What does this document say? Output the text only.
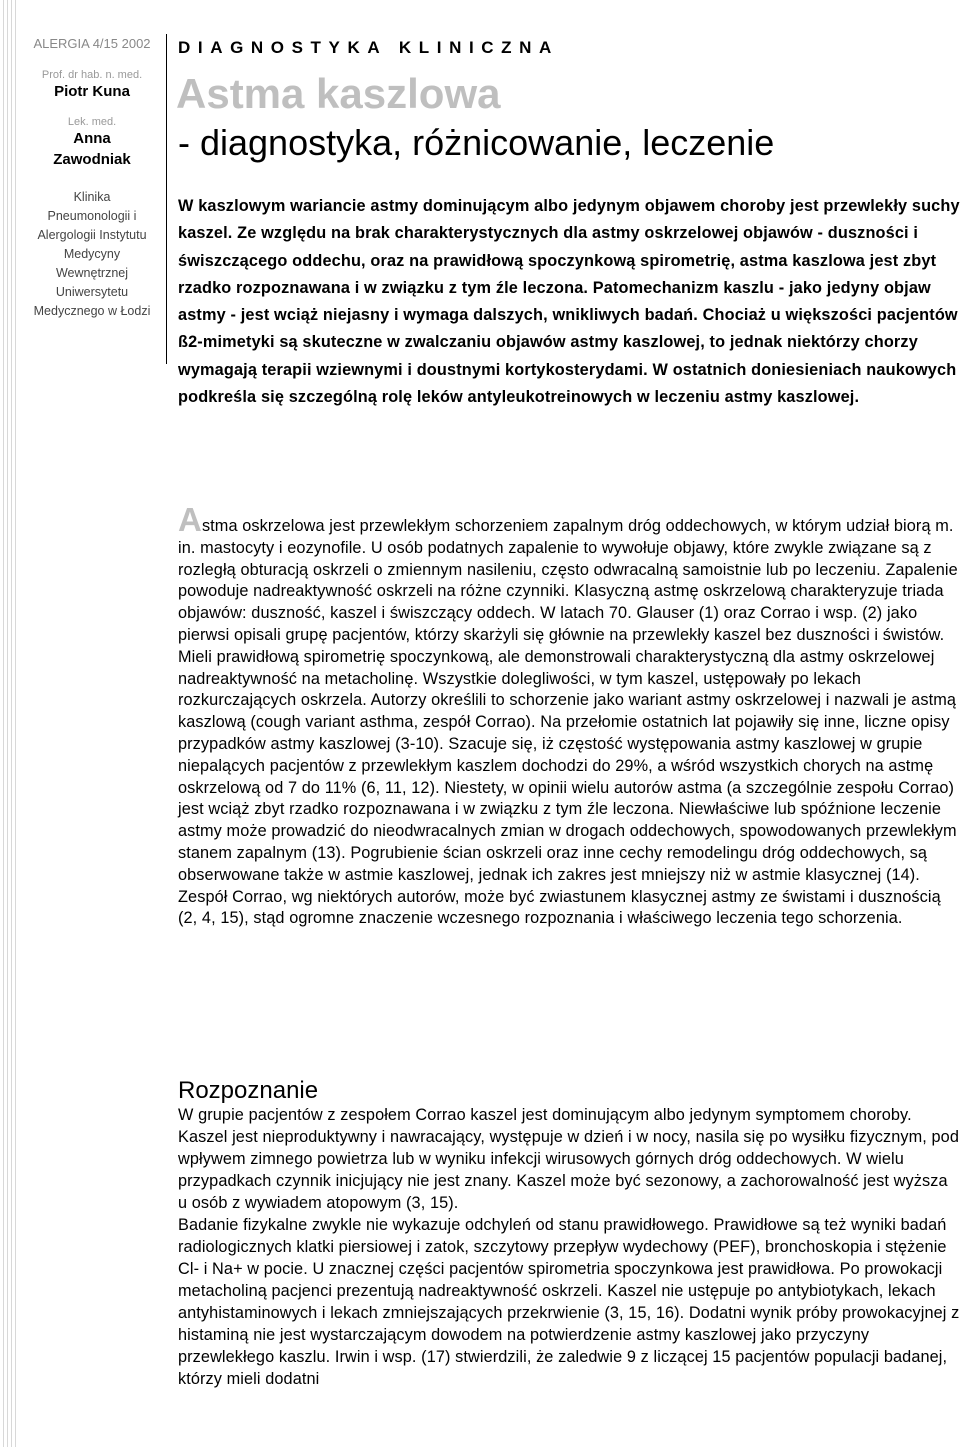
ALERGIA 4/15 2002
Prof. dr hab. n. med.
Piotr Kuna
Lek. med.
Anna Zawodniak
Klinika Pneumonologii i Alergologii Instytutu Medycyny Wewnętrznej Uniwersytetu Medycznego w Łodzi
DIAGNOSTYKA KLINICZNA
Astma kaszlowa
- diagnostyka, różnicowanie, leczenie

W kaszlowym wariancie astmy dominującym albo jedynym objawem choroby jest przewlekły suchy kaszel. Ze względu na brak charakterystycznych dla astmy oskrzelowej objawów - duszności i świszczącego oddechu, oraz na prawidłową spoczynkową spirometrię, astma kaszlowa jest zbyt rzadko rozpoznawana i w związku z tym źle leczona. Patomechanizm kaszlu - jako jedyny objaw astmy - jest wciąż niejasny i wymaga dalszych, wnikliwych badań. Chociaż u większości pacjentów ß2-mimetyki są skuteczne w zwalczaniu objawów astmy kaszlowej, to jednak niektórzy chorzy wymagają terapii wziewnymi i doustnymi kortykosterydami. W ostatnich doniesieniach naukowych podkreśla się szczególną rolę leków antyleukotreinowych w leczeniu astmy kaszlowej.

Astma oskrzelowa jest przewlekłym schorzeniem zapalnym dróg oddechowych, w którym udział biorą m. in. mastocyty i eozynofile. U osób podatnych zapalenie to wywołuje objawy, które zwykle związane są z rozległą obturacją oskrzeli o zmiennym nasileniu, często odwracalną samoistnie lub po leczeniu. Zapalenie powoduje nadreaktywność oskrzeli na różne czynniki. Klasyczną astmę oskrzelową charakteryzuje triada objawów: duszność, kaszel i świszczący oddech. W latach 70. Glauser (1) oraz Corrao i wsp. (2) jako pierwsi opisali grupę pacjentów, którzy skarżyli się głównie na przewlekły kaszel bez duszności i świstów. Mieli prawidłową spirometrię spoczynkową, ale demonstrowali charakterystyczną dla astmy oskrzelowej nadreaktywność na metacholinę. Wszystkie dolegliwości, w tym kaszel, ustępowały po lekach rozkurczających oskrzela. Autorzy określili to schorzenie jako wariant astmy oskrzelowej i nazwali je astmą kaszlową (cough variant asthma, zespół Corrao). Na przełomie ostatnich lat pojawiły się inne, liczne opisy przypadków astmy kaszlowej (3-10). Szacuje się, iż częstość występowania astmy kaszlowej w grupie niepalących pacjentów z przewlekłym kaszlem dochodzi do 29%, a wśród wszystkich chorych na astmę oskrzelową od 7 do 11% (6, 11, 12). Niestety, w opinii wielu autorów astma (a szczególnie zespołu Corrao) jest wciąż zbyt rzadko rozpoznawana i w związku z tym źle leczona. Niewłaściwe lub spóźnione leczenie astmy może prowadzić do nieodwracalnych zmian w drogach oddechowych, spowodowanych przewlekłym stanem zapalnym (13). Pogrubienie ścian oskrzeli oraz inne cechy remodelingu dróg oddechowych, są obserwowane także w astmie kaszlowej, jednak ich zakres jest mniejszy niż w astmie klasycznej (14). Zespół Corrao, wg niektórych autorów, może być zwiastunem klasycznej astmy ze świstami i dusznością (2, 4, 15), stąd ogromne znaczenie wczesnego rozpoznania i właściwego leczenia tego schorzenia.

Rozpoznanie
W grupie pacjentów z zespołem Corrao kaszel jest dominującym albo jedynym symptomem choroby. Kaszel jest nieproduktywny i nawracający, występuje w dzień i w nocy, nasila się po wysiłku fizycznym, pod wpływem zimnego powietrza lub w wyniku infekcji wirusowych górnych dróg oddechowych. W wielu przypadkach czynnik inicjujący nie jest znany. Kaszel może być sezonowy, a zachorowalność jest wyższa u osób z wywiadem atopowym (3, 15).
Badanie fizykalne zwykle nie wykazuje odchyleń od stanu prawidłowego. Prawidłowe są też wyniki badań radiologicznych klatki piersiowej i zatok, szczytowy przepływ wydechowy (PEF), bronchoskopia i stężenie Cl- i Na+ w pocie. U znacznej części pacjentów spirometria spoczynkowa jest prawidłowa. Po prowokacji metacholiną pacjenci prezentują nadreaktywność oskrzeli. Kaszel nie ustępuje po antybiotykach, lekach antyhistaminowych i lekach zmniejszających przekrwienie (3, 15, 16). Dodatni wynik próby prowokacyjnej z histaminą nie jest wystarczającym dowodem na potwierdzenie astmy kaszlowej jako przyczyny przewlekłego kaszlu. Irwin i wsp. (17) stwierdzili, że zaledwie 9 z liczącej 15 pacjentów populacji badanej, którzy mieli dodatni
